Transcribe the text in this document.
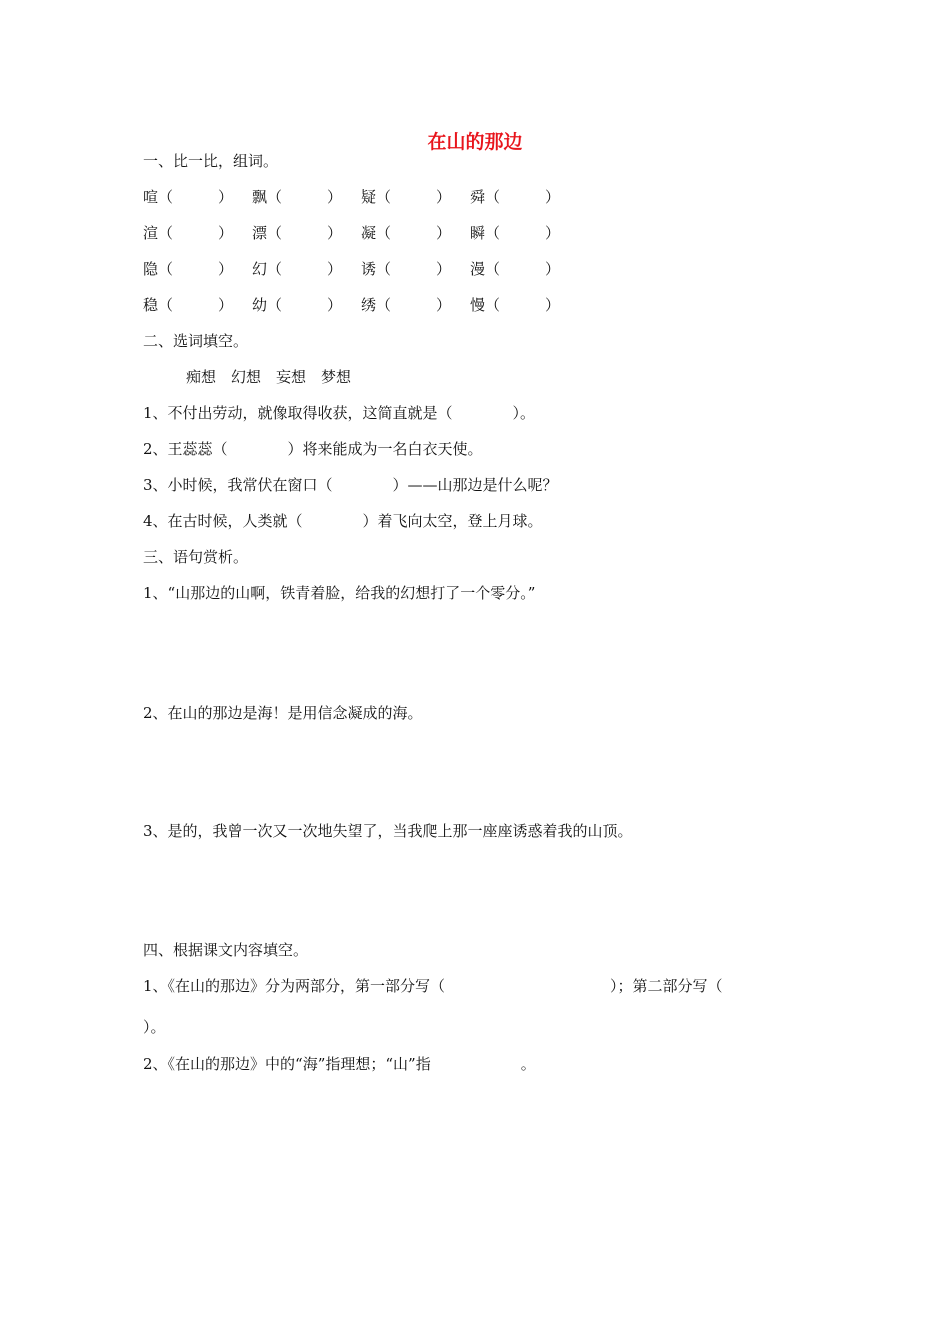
在山的那边
一、比一比，组词。
喧（　　　） 飘（　　　） 疑（　　　） 舜（　　　）
渲（　　　） 漂（　　　） 凝（　　　） 瞬（　　　）
隐（　　　） 幻（　　　） 诱（　　　） 漫（　　　）
稳（　　　） 幼（　　　） 绣（　　　） 慢（　　　）
二、选词填空。
痴想　幻想　妄想　梦想
1、不付出劳动，就像取得收获，这简直就是（　　　　）。
2、王蕊蕊（　　　　）将来能成为一名白衣天使。
3、小时候，我常伏在窗口（　　　　）——山那边是什么呢？
4、在古时候，人类就（　　　　）着飞向太空，登上月球。
三、语句赏析。
1、“山那边的山啊，铁青着脸，给我的幻想打了一个零分。”
2、在山的那边是海！是用信念凝成的海。
3、是的，我曾一次又一次地失望了，当我爬上那一座座诱惑着我的山顶。
四、根据课文内容填空。
1、《在山的那边》分为两部分，第一部分写（　　　　　　　　　　　）；第二部分写（
）。
2、《在山的那边》中的“海”指理想；“山”指　　　　　　。
